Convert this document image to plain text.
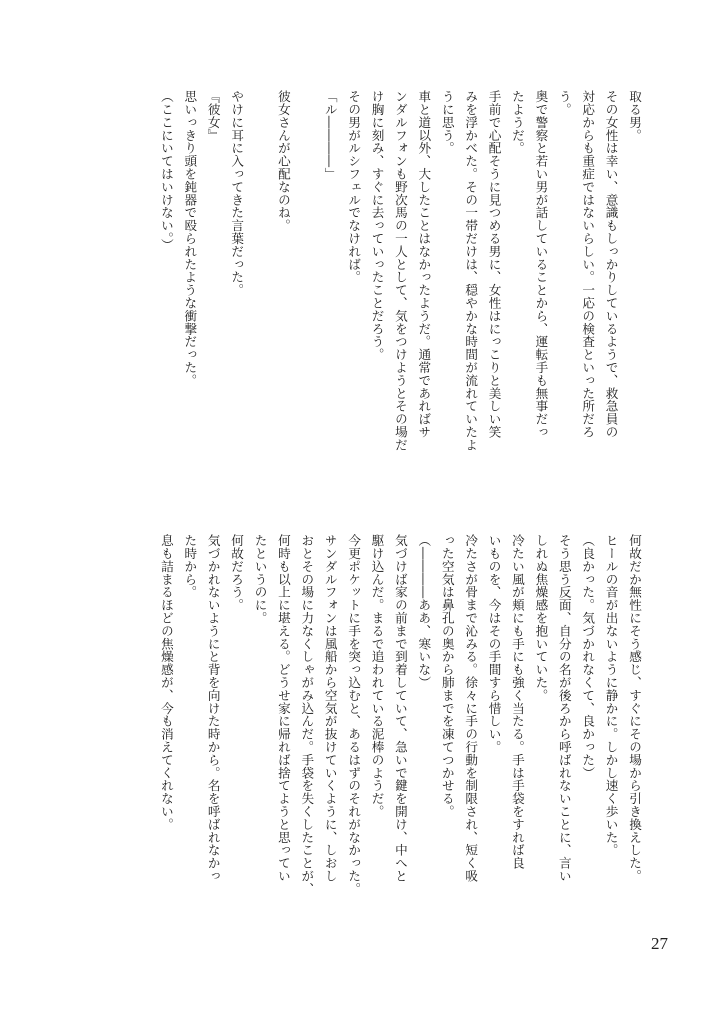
取る男。
その女性は幸い、意識もしっかりしているようで、救急員の
対応からも重症ではないらしい。一応の検査といった所だろ
う。
奥で警察と若い男が話していることから、運転手も無事だっ
たようだ。
手前で心配そうに見つめる男に、女性はにっこりと美しい笑
みを浮かべた。その一帯だけは、穏やかな時間が流れていたよ
うに思う。
車と道以外、大したことはなかったようだ。通常であればサ
ンダルフォンも野次馬の一人として、気をつけようとその場だ
け胸に刻み、すぐに去っていったことだろう。
その男がルシフェルでなければ。
「ル――――」
彼女さんが心配なのね。
やけに耳に入ってきた言葉だった。
『彼女』
思いっきり頭を鈍器で殴られたような衝撃だった。
（ここにいてはいけない。）
何故だか無性にそう感じ、すぐにその場から引き換えした。
ヒールの音が出ないように静かに。しかし速く歩いた。
（良かった。気づかれなくて、良かった）
そう思う反面、自分の名が後ろから呼ばれないことに、言い
しれぬ焦燥感を抱いていた。
冷たい風が頬にも手にも強く当たる。手は手袋をすれば良
いものを、今はその手間すら惜しい。
冷たさが骨まで沁みる。徐々に手の行動を制限され、短く吸
った空気は鼻孔の奥から肺までを凍てつかせる。
（――――ああ、寒いな）
気づけば家の前まで到着していて、急いで鍵を開け、中へと
駆け込んだ。まるで追われている泥棒のようだ。
今更ポケットに手を突っ込むと、あるはずのそれがなかった。
サンダルフォンは風船から空気が抜けていくように、しおし
おとその場に力なくしゃがみ込んだ。手袋を失くしたことが、
何時も以上に堪える。どうせ家に帰れば捨てようと思ってい
たというのに。
何故だろう。
気づかれないようにと背を向けた時から。名を呼ばれなかっ
た時から。
息も詰まるほどの焦燥感が、今も消えてくれない。
27
